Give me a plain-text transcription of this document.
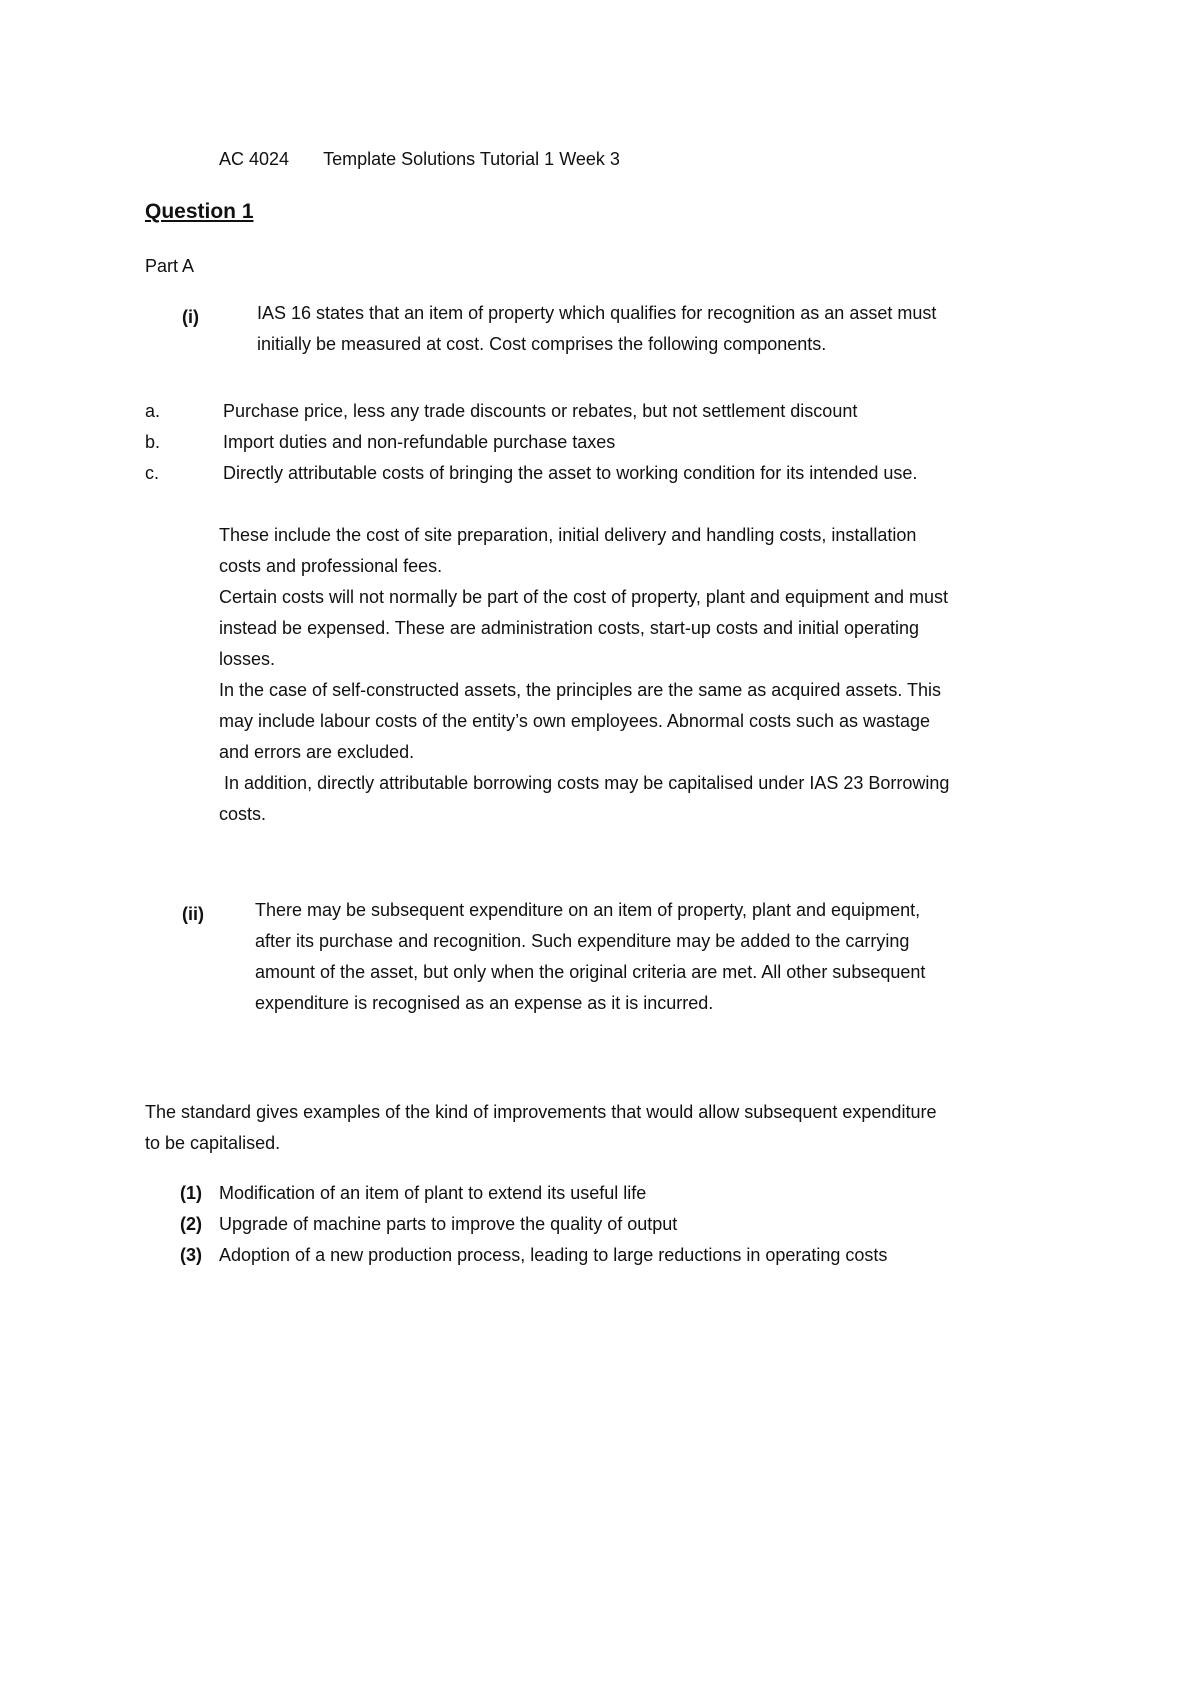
AC 4024 Template Solutions Tutorial 1 Week 3
Question 1
Part A
(i)	IAS 16 states that an item of property which qualifies for recognition as an asset must

initially be measured at cost. Cost comprises the following components.

a.	Purchase price, less any trade discounts or rebates, but not settlement discount

b.	Import duties and non-refundable purchase taxes

c.	Directly attributable costs of bringing the asset to working condition for its intended use.

These include the cost of site preparation, initial delivery and handling costs, installation

costs and professional fees.

Certain costs will not normally be part of the cost of property, plant and equipment and must

instead be expensed. These are administration costs, start-up costs and initial operating

losses.

In the case of self-constructed assets, the principles are the same as acquired assets. This

may include labour costs of the entity’s own employees. Abnormal costs such as wastage

and errors are excluded.

In addition, directly attributable borrowing costs may be capitalised under IAS 23 Borrowing

costs.

(ii)	There may be subsequent expenditure on an item of property, plant and equipment,

after its purchase and recognition. Such expenditure may be added to the carrying

amount of the asset, but only when the original criteria are met. All other subsequent

expenditure is recognised as an expense as it is incurred.

The standard gives examples of the kind of improvements that would allow subsequent expenditure

to be capitalised.

(1) Modification of an item of plant to extend its useful life

(2) Upgrade of machine parts to improve the quality of output

(3) Adoption of a new production process, leading to large reductions in operating costs
